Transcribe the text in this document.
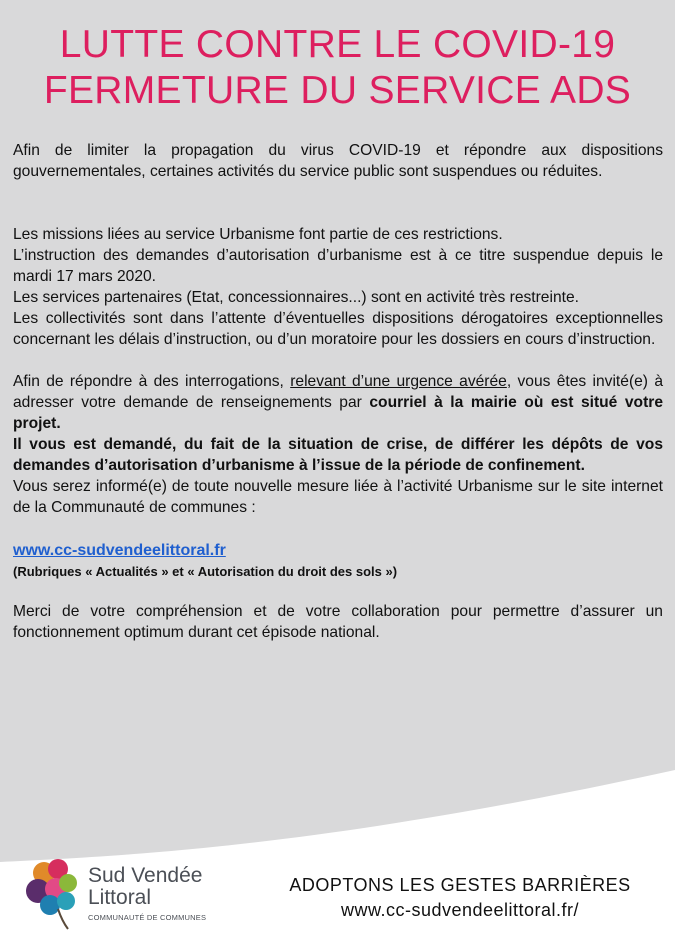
LUTTE CONTRE LE COVID-19
FERMETURE DU SERVICE ADS

Afin de limiter la propagation du virus COVID-19 et répondre aux dispositions gouvernementales, certaines activités du service public sont suspendues ou réduites.

Les missions liées au service Urbanisme font partie de ces restrictions.

L’instruction des demandes d’autorisation d’urbanisme est à ce titre suspendue depuis le mardi 17 mars 2020.

Les services partenaires (Etat, concessionnaires...) sont en activité très restreinte.

Les collectivités sont dans l’attente d’éventuelles dispositions dérogatoires exceptionnelles concernant les délais d’instruction, ou d’un moratoire pour les dossiers en cours d’instruction.

Afin de répondre à des interrogations, relevant d’une urgence avérée, vous êtes invité(e) à adresser votre demande de renseignements par courriel à la mairie où est situé votre projet.

Il vous est demandé, du fait de la situation de crise, de différer les dépôts de vos demandes d’autorisation d’urbanisme à l’issue de la période de confinement.

Vous serez informé(e) de toute nouvelle mesure liée à l’activité Urbanisme sur le site internet de la Communauté de communes :

www.cc-sudvendeelittoral.fr

(Rubriques « Actualités » et « Autorisation du droit des sols »)

Merci de votre compréhension et de votre collaboration pour permettre d’assurer un fonctionnement optimum durant cet épisode national.

Sud Vendée
Littoral
COMMUNAUTÉ DE COMMUNES
ADOPTONS LES GESTES BARRIÈRES
www.cc-sudvendeelittoral.fr/
